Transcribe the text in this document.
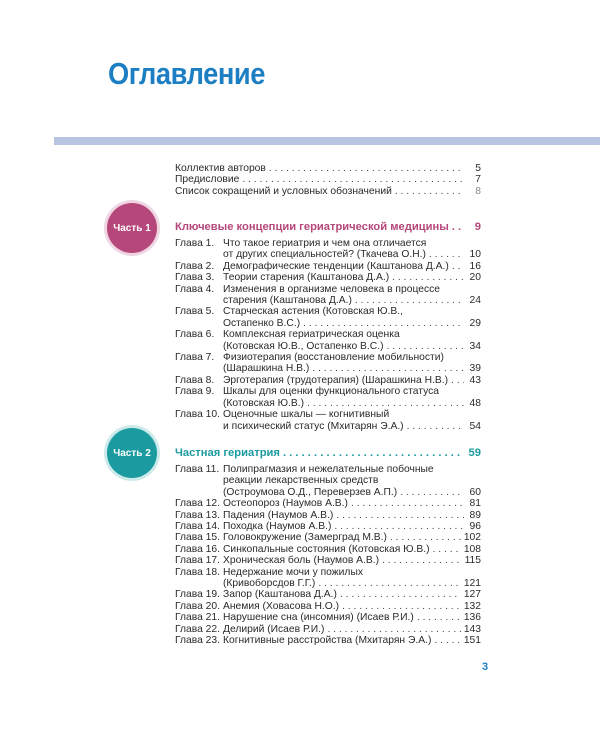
Оглавление
Коллектив авторов . . .	5
Предисловие . . .	7
Список сокращений и условных обозначений . . .	8
Часть 1	Ключевые концепции гериатрической медицины . . .	9
Глава 1. Что такое гериатрия и чем она отличается
от других специальностей? (Ткачева О.Н.) . . .	10
Глава 2. Демографические тенденции (Каштанова Д.А.) . . . 16
Глава 3. Теории старения (Каштанова Д.А.) . . .	20
Глава 4. Изменения в организме человека в процессе
старения (Каштанова Д.А.) . . .	24
Глава 5. Старческая астения (Котовская Ю.В.,
Остапенко В.С.) . . .	29
Глава 6. Комплексная гериатрическая оценка
(Котовская Ю.В., Остапенко В.С.) . . .	34
Глава 7. Физиотерапия (восстановление мобильности)
(Шарашкина Н.В.) . . .	39
Глава 8. Эрготерапия (трудотерапия) (Шарашкина Н.В.) . . . 43
Глава 9. Шкалы для оценки функционального статуса
(Котовская Ю.В.) . . .	48
Глава 10. Оценочные шкалы — когнитивный
и психический статус (Мхитарян Э.А.) . . .	54
Часть 2	Частная гериатрия . . .	59
Глава 11. Полипрагмазия и нежелательные побочные
реакции лекарственных средств
(Остроумова О.Д., Переверзев А.П.) . . .	60
Глава 12. Остеопороз (Наумов А.В.) . . .	81
Глава 13. Падения (Наумов А.В.) . . .	89
Глава 14. Походка (Наумов А.В.) . . .	96
Глава 15. Головокружение (Замерград М.В.) . . .	102
Глава 16. Синкопальные состояния (Котовская Ю.В.) . . .	108
Глава 17. Хроническая боль (Наумов А.В.) . . .	115
Глава 18. Недержание мочи у пожилых
(Кривоборсдов Г.Г.) . . .	121
Глава 19. Запор (Каштанова Д.А.) . . .	127
Глава 20. Анемия (Ховасова Н.О.) . . .	132
Глава 21. Нарушение сна (инсомния) (Исаев Р.И.) . . .	136
Глава 22. Делирий (Исаев Р.И.) . . .	143
Глава 23. Когнитивные расстройства (Мхитарян Э.А.) . . .	151
3
